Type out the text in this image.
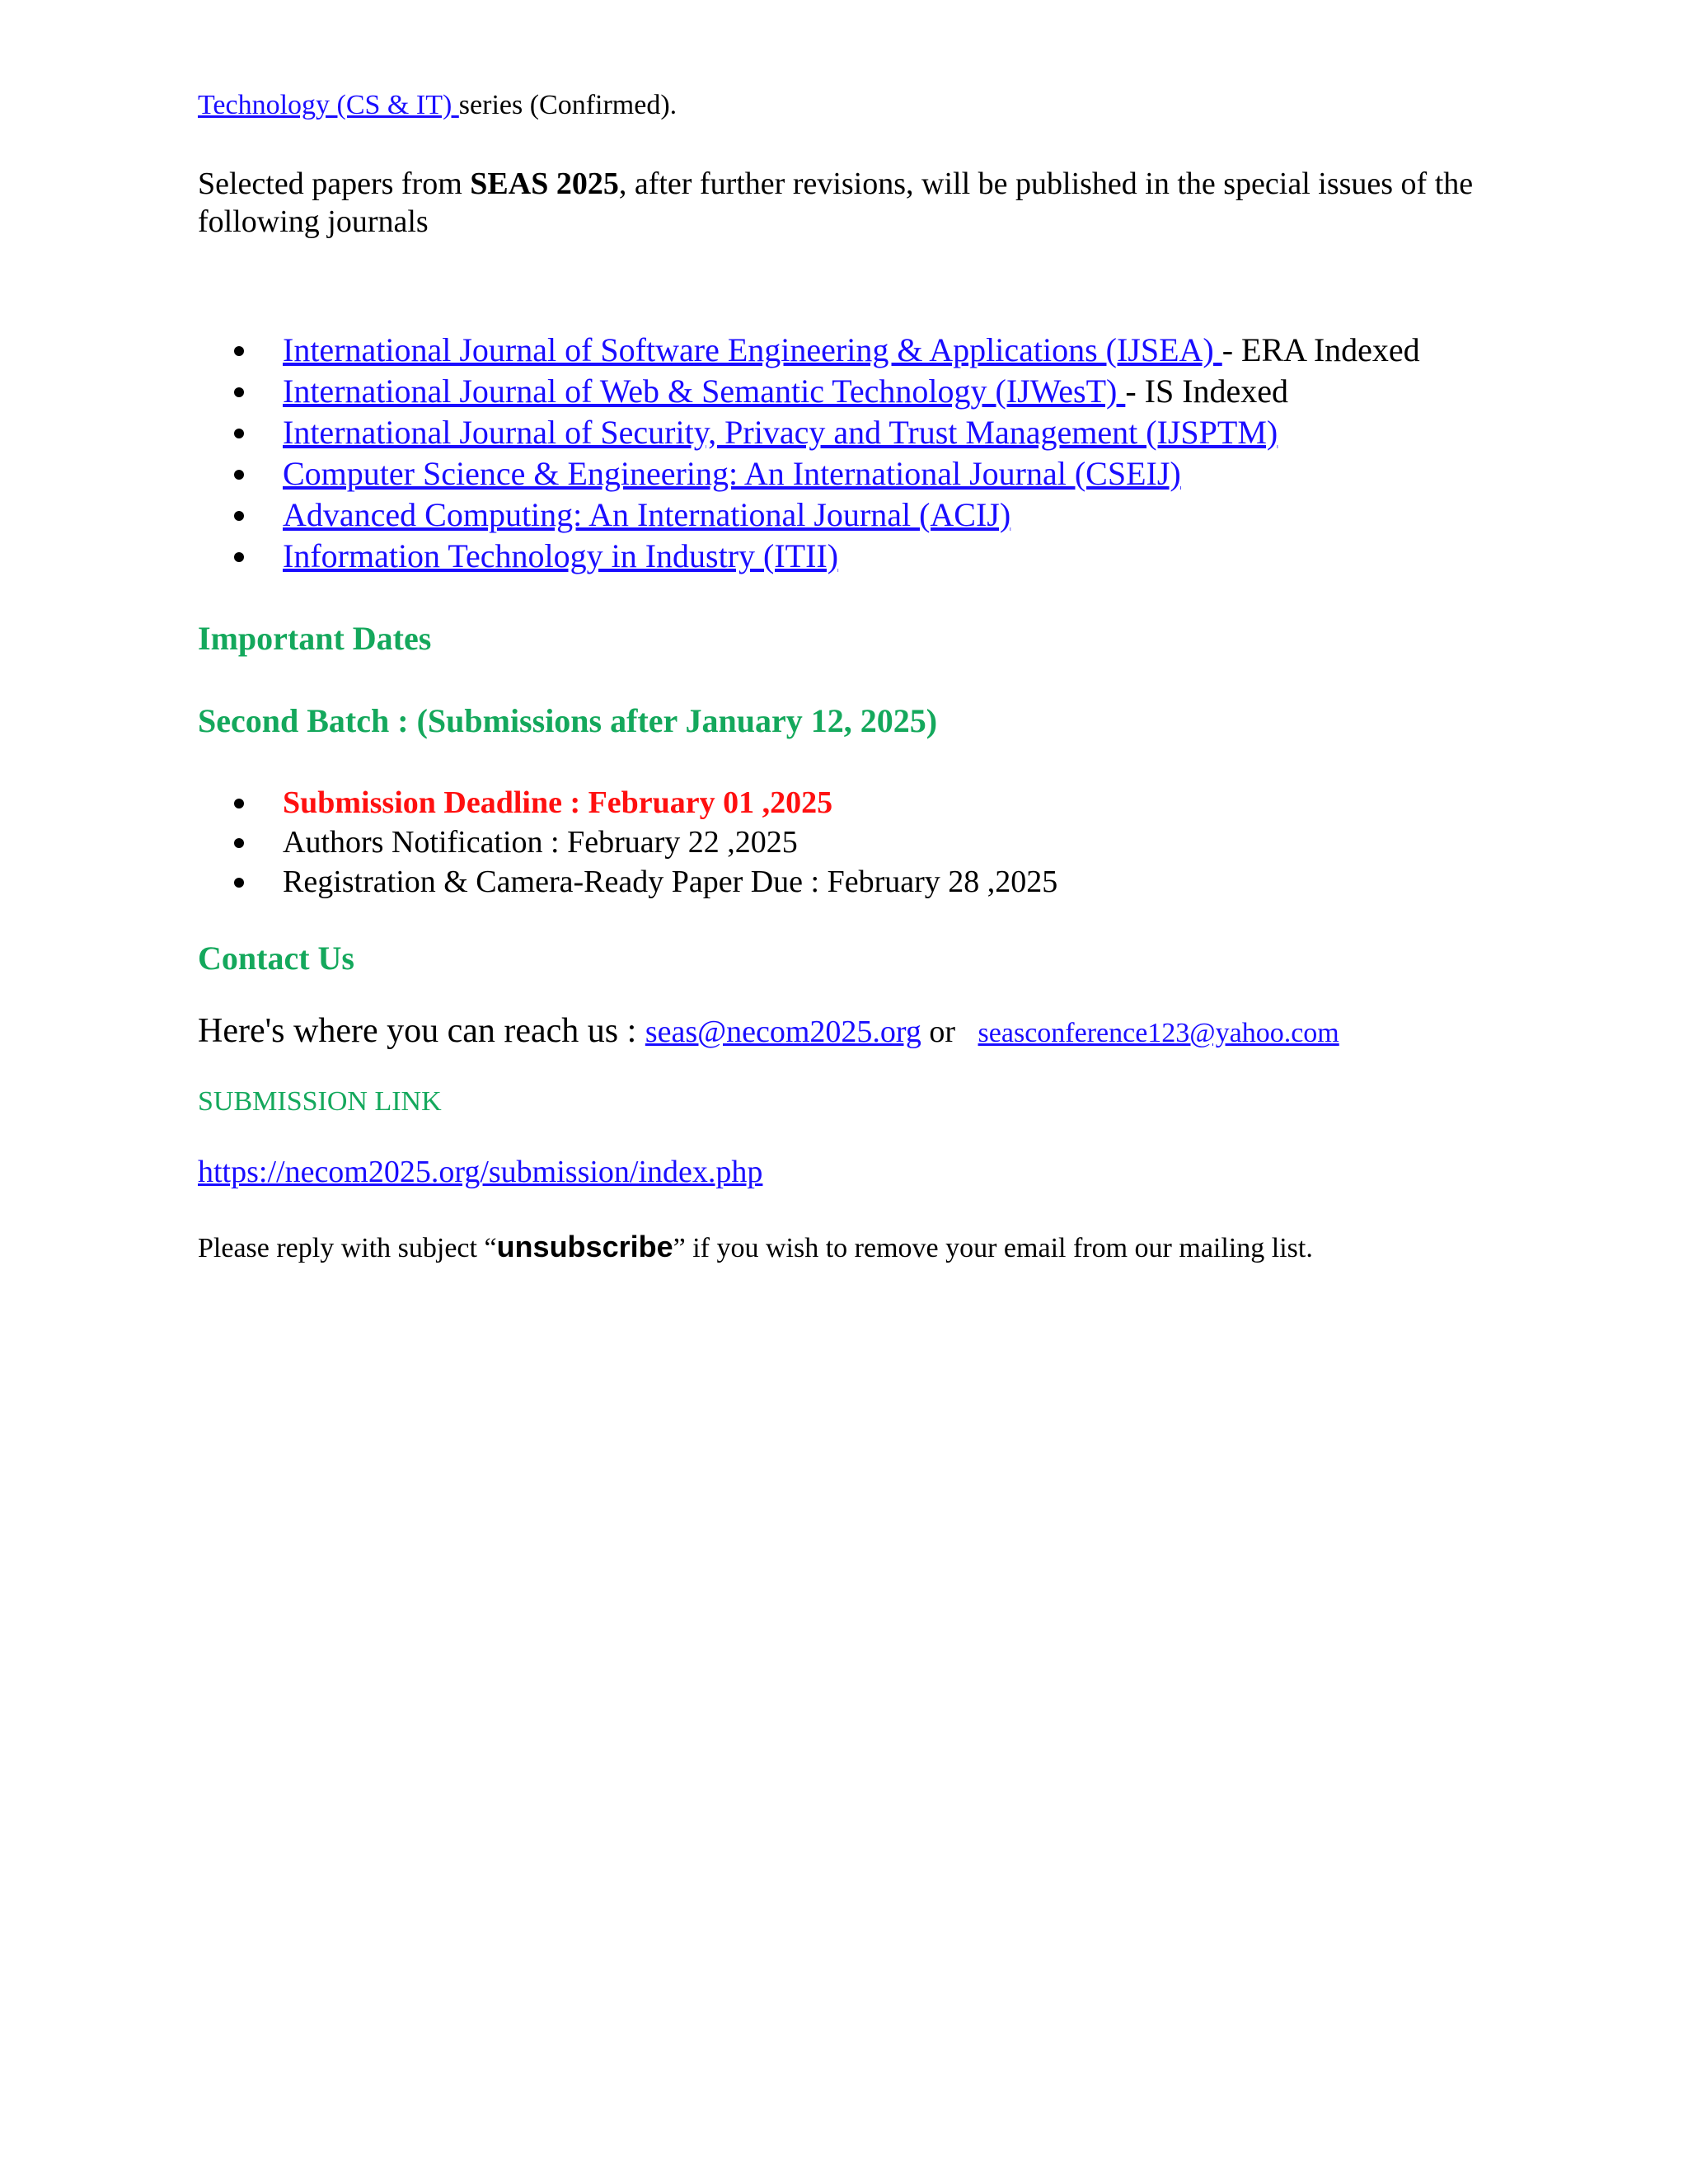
Technology (CS & IT) series (Confirmed).

Selected papers from SEAS 2025, after further revisions, will be published in the special issues of the following journals

International Journal of Software Engineering & Applications (IJSEA) - ERA Indexed
International Journal of Web & Semantic Technology (IJWesT) - IS Indexed
International Journal of Security, Privacy and Trust Management (IJSPTM)
Computer Science & Engineering: An International Journal (CSEIJ)
Advanced Computing: An International Journal (ACIJ)
Information Technology in Industry (ITII)

Important Dates

Second Batch : (Submissions after January 12, 2025)

Submission Deadline : February 01 ,2025
Authors Notification : February 22 ,2025
Registration & Camera-Ready Paper Due : February 28 ,2025

Contact Us

Here's where you can reach us : seas@necom2025.org or seasconference123@yahoo.com

SUBMISSION LINK

https://necom2025.org/submission/index.php

Please reply with subject “unsubscribe” if you wish to remove your email from our mailing list.
